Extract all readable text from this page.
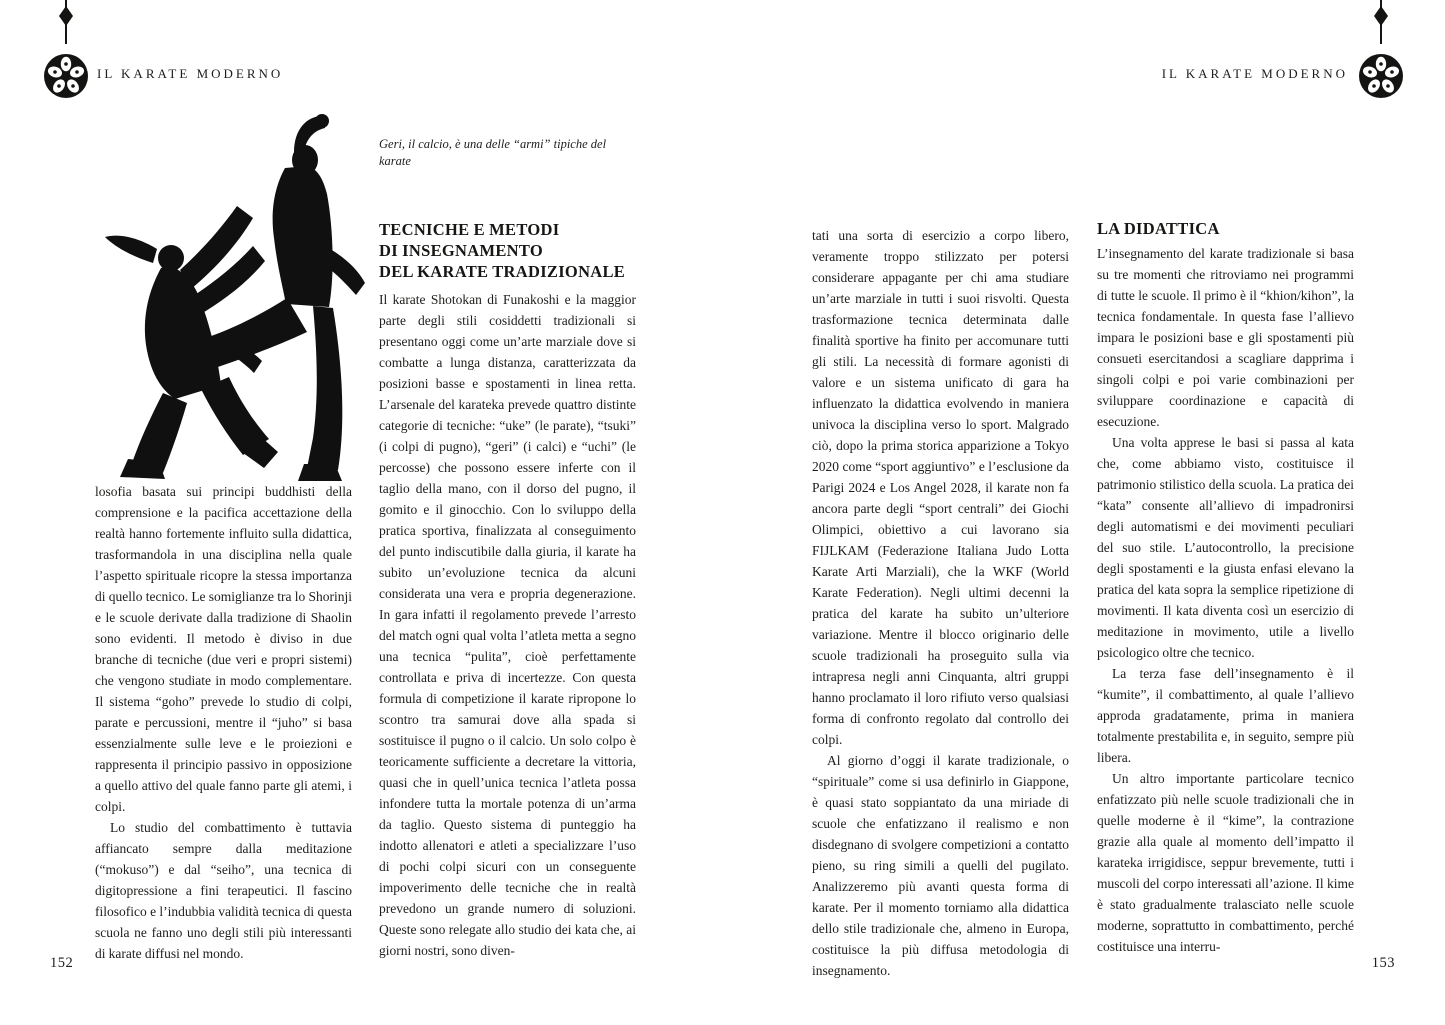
IL KARATE MODERNO	IL KARATE MODERNO
Geri, il calcio, è una delle “armi” tipiche del karate

losofia basata sui principi buddhisti della comprensione e la pacifica accettazione della realtà hanno fortemente influito sulla didattica, trasformandola in una disciplina nella quale l’aspetto spirituale ricopre la stessa importanza di quello tecnico. Le somiglianze tra lo Shorinji e le scuole derivate dalla tradizione di Shaolin sono evidenti. Il metodo è diviso in due branche di tecniche (due veri e propri sistemi) che vengono studiate in modo complementare. Il sistema “goho” prevede lo studio di colpi, parate e percussioni, mentre il “juho” si basa essenzialmente sulle leve e le proiezioni e rappresenta il principio passivo in opposizione a quello attivo del quale fanno parte gli atemi, i colpi.

Lo studio del combattimento è tuttavia affiancato sempre dalla meditazione (“mokuso”) e dal “seiho”, una tecnica di digitopressione a fini terapeutici. Il fascino filosofico e l’indubbia validità tecnica di questa scuola ne fanno uno degli stili più interessanti di karate diffusi nel mondo.

TECNICHE E METODI
DI INSEGNAMENTO
DEL KARATE TRADIZIONALE

Il karate Shotokan di Funakoshi e la maggior parte degli stili cosiddetti tradizionali si presentano oggi come un’arte marziale dove si combatte a lunga distanza, caratterizzata da posizioni basse e spostamenti in linea retta. L’arsenale del karateka prevede quattro distinte categorie di tecniche: “uke” (le parate), “tsuki” (i colpi di pugno), “geri” (i calci) e “uchi” (le percosse) che possono essere inferte con il taglio della mano, con il dorso del pugno, il gomito e il ginocchio. Con lo sviluppo della pratica sportiva, finalizzata al conseguimento del punto indiscutibile dalla giuria, il karate ha subito un’evoluzione tecnica da alcuni considerata una vera e propria degenerazione. In gara infatti il regolamento prevede l’arresto del match ogni qual volta l’atleta metta a segno una tecnica “pulita”, cioè perfettamente controllata e priva di incertezze. Con questa formula di competizione il karate ripropone lo scontro tra samurai dove alla spada si sostituisce il pugno o il calcio. Un solo colpo è teoricamente sufficiente a decretare la vittoria, quasi che in quell’unica tecnica l’atleta possa infondere tutta la mortale potenza di un’arma da taglio. Questo sistema di punteggio ha indotto allenatori e atleti a specializzare l’uso di pochi colpi sicuri con un conseguente impoverimento delle tecniche che in realtà prevedono un grande numero di soluzioni. Queste sono relegate allo studio dei kata che, ai giorni nostri, sono diven-

tati una sorta di esercizio a corpo libero, veramente troppo stilizzato per potersi considerare appagante per chi ama studiare un’arte marziale in tutti i suoi risvolti. Questa trasformazione tecnica determinata dalle finalità sportive ha finito per accomunare tutti gli stili. La necessità di formare agonisti di valore e un sistema unificato di gara ha influenzato la didattica evolvendo in maniera univoca la disciplina verso lo sport. Malgrado ciò, dopo la prima storica apparizione a Tokyo 2020 come “sport aggiuntivo” e l’esclusione da Parigi 2024 e Los Angel 2028, il karate non fa ancora parte degli “sport centrali” dei Giochi Olimpici, obiettivo a cui lavorano sia FIJLKAM (Federazione Italiana Judo Lotta Karate Arti Marziali), che la WKF (World Karate Federation). Negli ultimi decenni la pratica del karate ha subito un’ulteriore variazione. Mentre il blocco originario delle scuole tradizionali ha proseguito sulla via intrapresa negli anni Cinquanta, altri gruppi hanno proclamato il loro rifiuto verso qualsiasi forma di confronto regolato dal controllo dei colpi.

Al giorno d’oggi il karate tradizionale, o “spirituale” come si usa definirlo in Giappone, è quasi stato soppiantato da una miriade di scuole che enfatizzano il realismo e non disdegnano di svolgere competizioni a contatto pieno, su ring simili a quelli del pugilato. Analizzeremo più avanti questa forma di karate. Per il momento torniamo alla didattica dello stile tradizionale che, almeno in Europa, costituisce la più diffusa metodologia di insegnamento.

LA DIDATTICA

L’insegnamento del karate tradizionale si basa su tre momenti che ritroviamo nei programmi di tutte le scuole. Il primo è il “khion/kihon”, la tecnica fondamentale. In questa fase l’allievo impara le posizioni base e gli spostamenti più consueti esercitandosi a scagliare dapprima i singoli colpi e poi varie combinazioni per sviluppare coordinazione e capacità di esecuzione.

Una volta apprese le basi si passa al kata che, come abbiamo visto, costituisce il patrimonio stilistico della scuola. La pratica dei “kata” consente all’allievo di impadronirsi degli automatismi e dei movimenti peculiari del suo stile. L’autocontrollo, la precisione degli spostamenti e la giusta enfasi elevano la pratica del kata sopra la semplice ripetizione di movimenti. Il kata diventa così un esercizio di meditazione in movimento, utile a livello psicologico oltre che tecnico.

La terza fase dell’insegnamento è il “kumite”, il combattimento, al quale l’allievo approda gradatamente, prima in maniera totalmente prestabilita e, in seguito, sempre più libera.

Un altro importante particolare tecnico enfatizzato più nelle scuole tradizionali che in quelle moderne è il “kime”, la contrazione grazie alla quale al momento dell’impatto il karateka irrigidisce, seppur brevemente, tutti i muscoli del corpo interessati all’azione. Il kime è stato gradualmente tralasciato nelle scuole moderne, soprattutto in combattimento, perché costituisce una interru-

152	153
